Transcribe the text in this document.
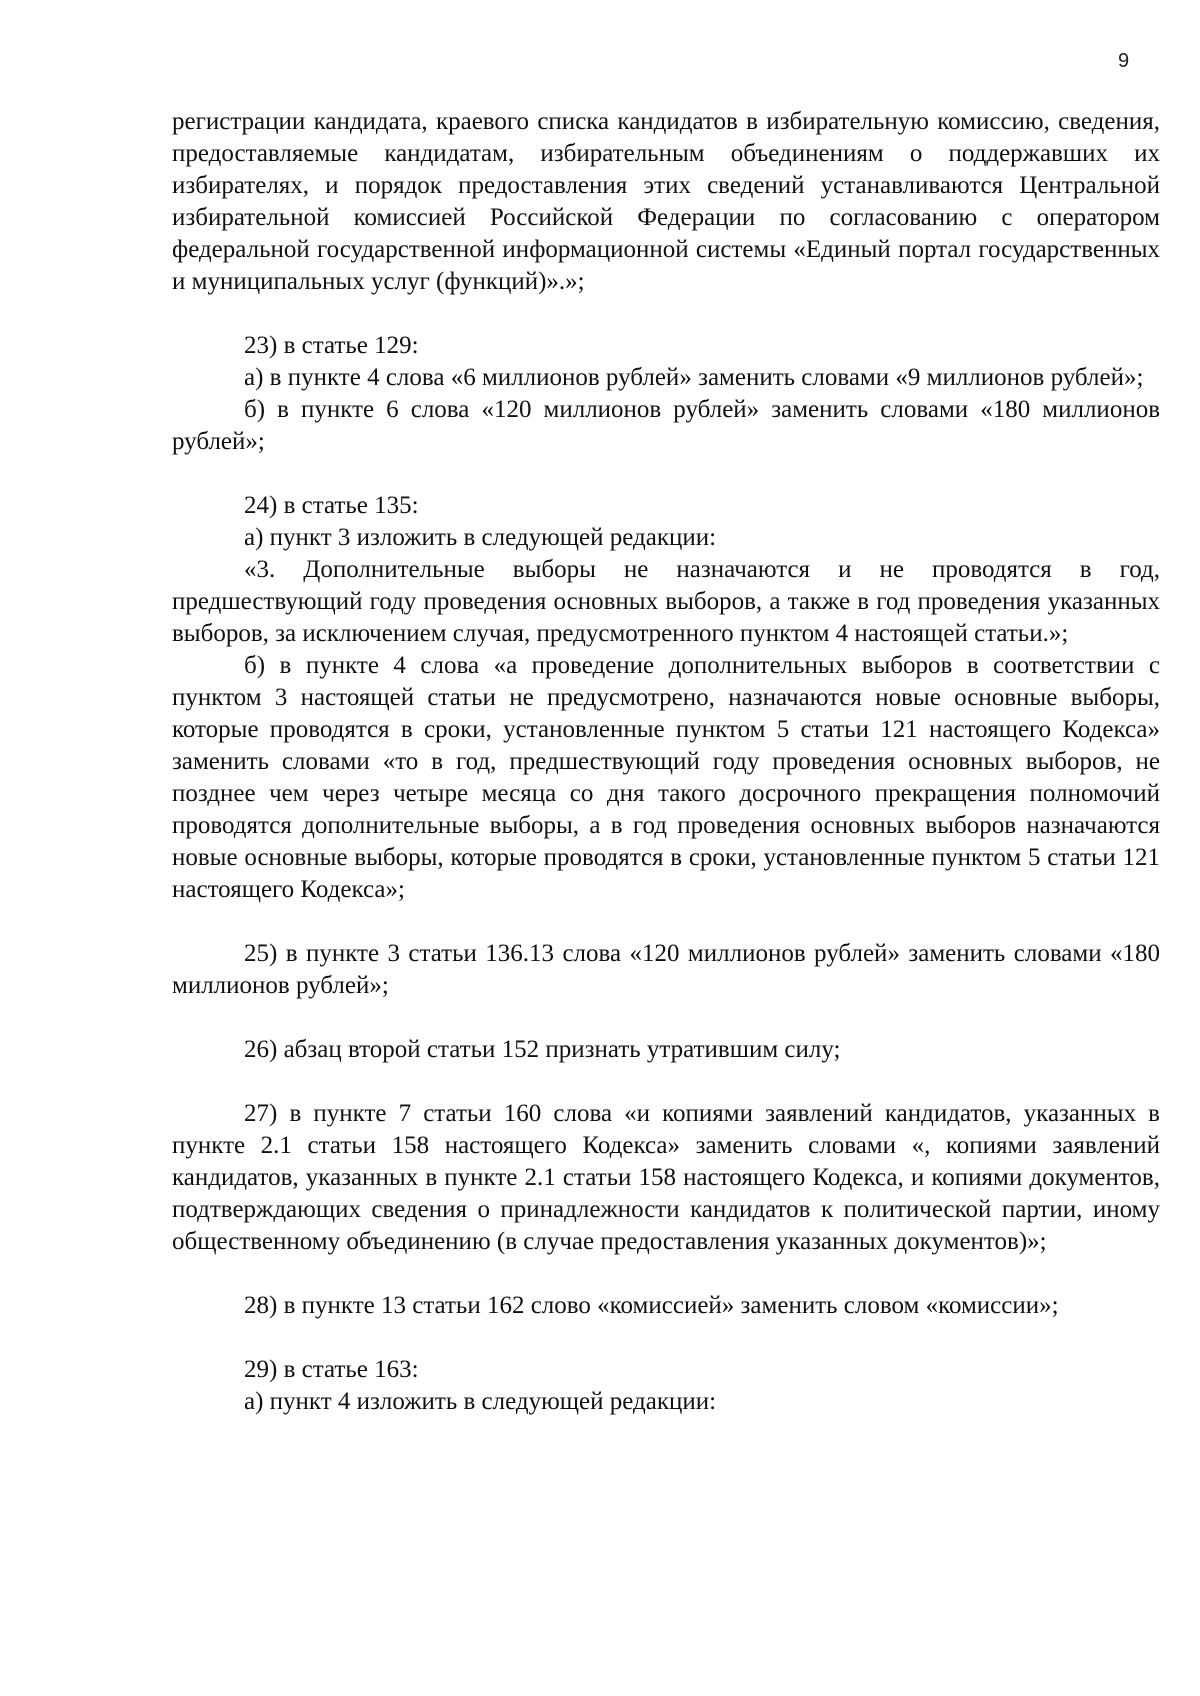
9

регистрации кандидата, краевого списка кандидатов в избирательную комиссию, сведения, предоставляемые кандидатам, избирательным объединениям о поддержавших их избирателях, и порядок предоставления этих сведений устанавливаются Центральной избирательной комиссией Российской Федерации по согласованию с оператором федеральной государственной информационной системы «Единый портал государственных и муниципальных услуг (функций)».»;

23) в статье 129:

а) в пункте 4 слова «6 миллионов рублей» заменить словами «9 миллионов рублей»;

б) в пункте 6 слова «120 миллионов рублей» заменить словами «180 миллионов рублей»;

24) в статье 135:

а) пункт 3 изложить в следующей редакции:

«3. Дополнительные выборы не назначаются и не проводятся в год, предшествующий году проведения основных выборов, а также в год проведения указанных выборов, за исключением случая, предусмотренного пунктом 4 настоящей статьи.»;

б) в пункте 4 слова «а проведение дополнительных выборов в соответствии с пунктом 3 настоящей статьи не предусмотрено, назначаются новые основные выборы, которые проводятся в сроки, установленные пунктом 5 статьи 121 настоящего Кодекса» заменить словами «то в год, предшествующий году проведения основных выборов, не позднее чем через четыре месяца со дня такого досрочного прекращения полномочий проводятся дополнительные выборы, а в год проведения основных выборов назначаются новые основные выборы, которые проводятся в сроки, установленные пунктом 5 статьи 121 настоящего Кодекса»;

25) в пункте 3 статьи 136.13 слова «120 миллионов рублей» заменить словами «180 миллионов рублей»;

26) абзац второй статьи 152 признать утратившим силу;

27) в пункте 7 статьи 160 слова «и копиями заявлений кандидатов, указанных в пункте 2.1 статьи 158 настоящего Кодекса» заменить словами «, копиями заявлений кандидатов, указанных в пункте 2.1 статьи 158 настоящего Кодекса, и копиями документов, подтверждающих сведения о принадлежности кандидатов к политической партии, иному общественному объединению (в случае предоставления указанных документов)»;

28) в пункте 13 статьи 162 слово «комиссией» заменить словом «комиссии»;

29) в статье 163:

а) пункт 4 изложить в следующей редакции:
